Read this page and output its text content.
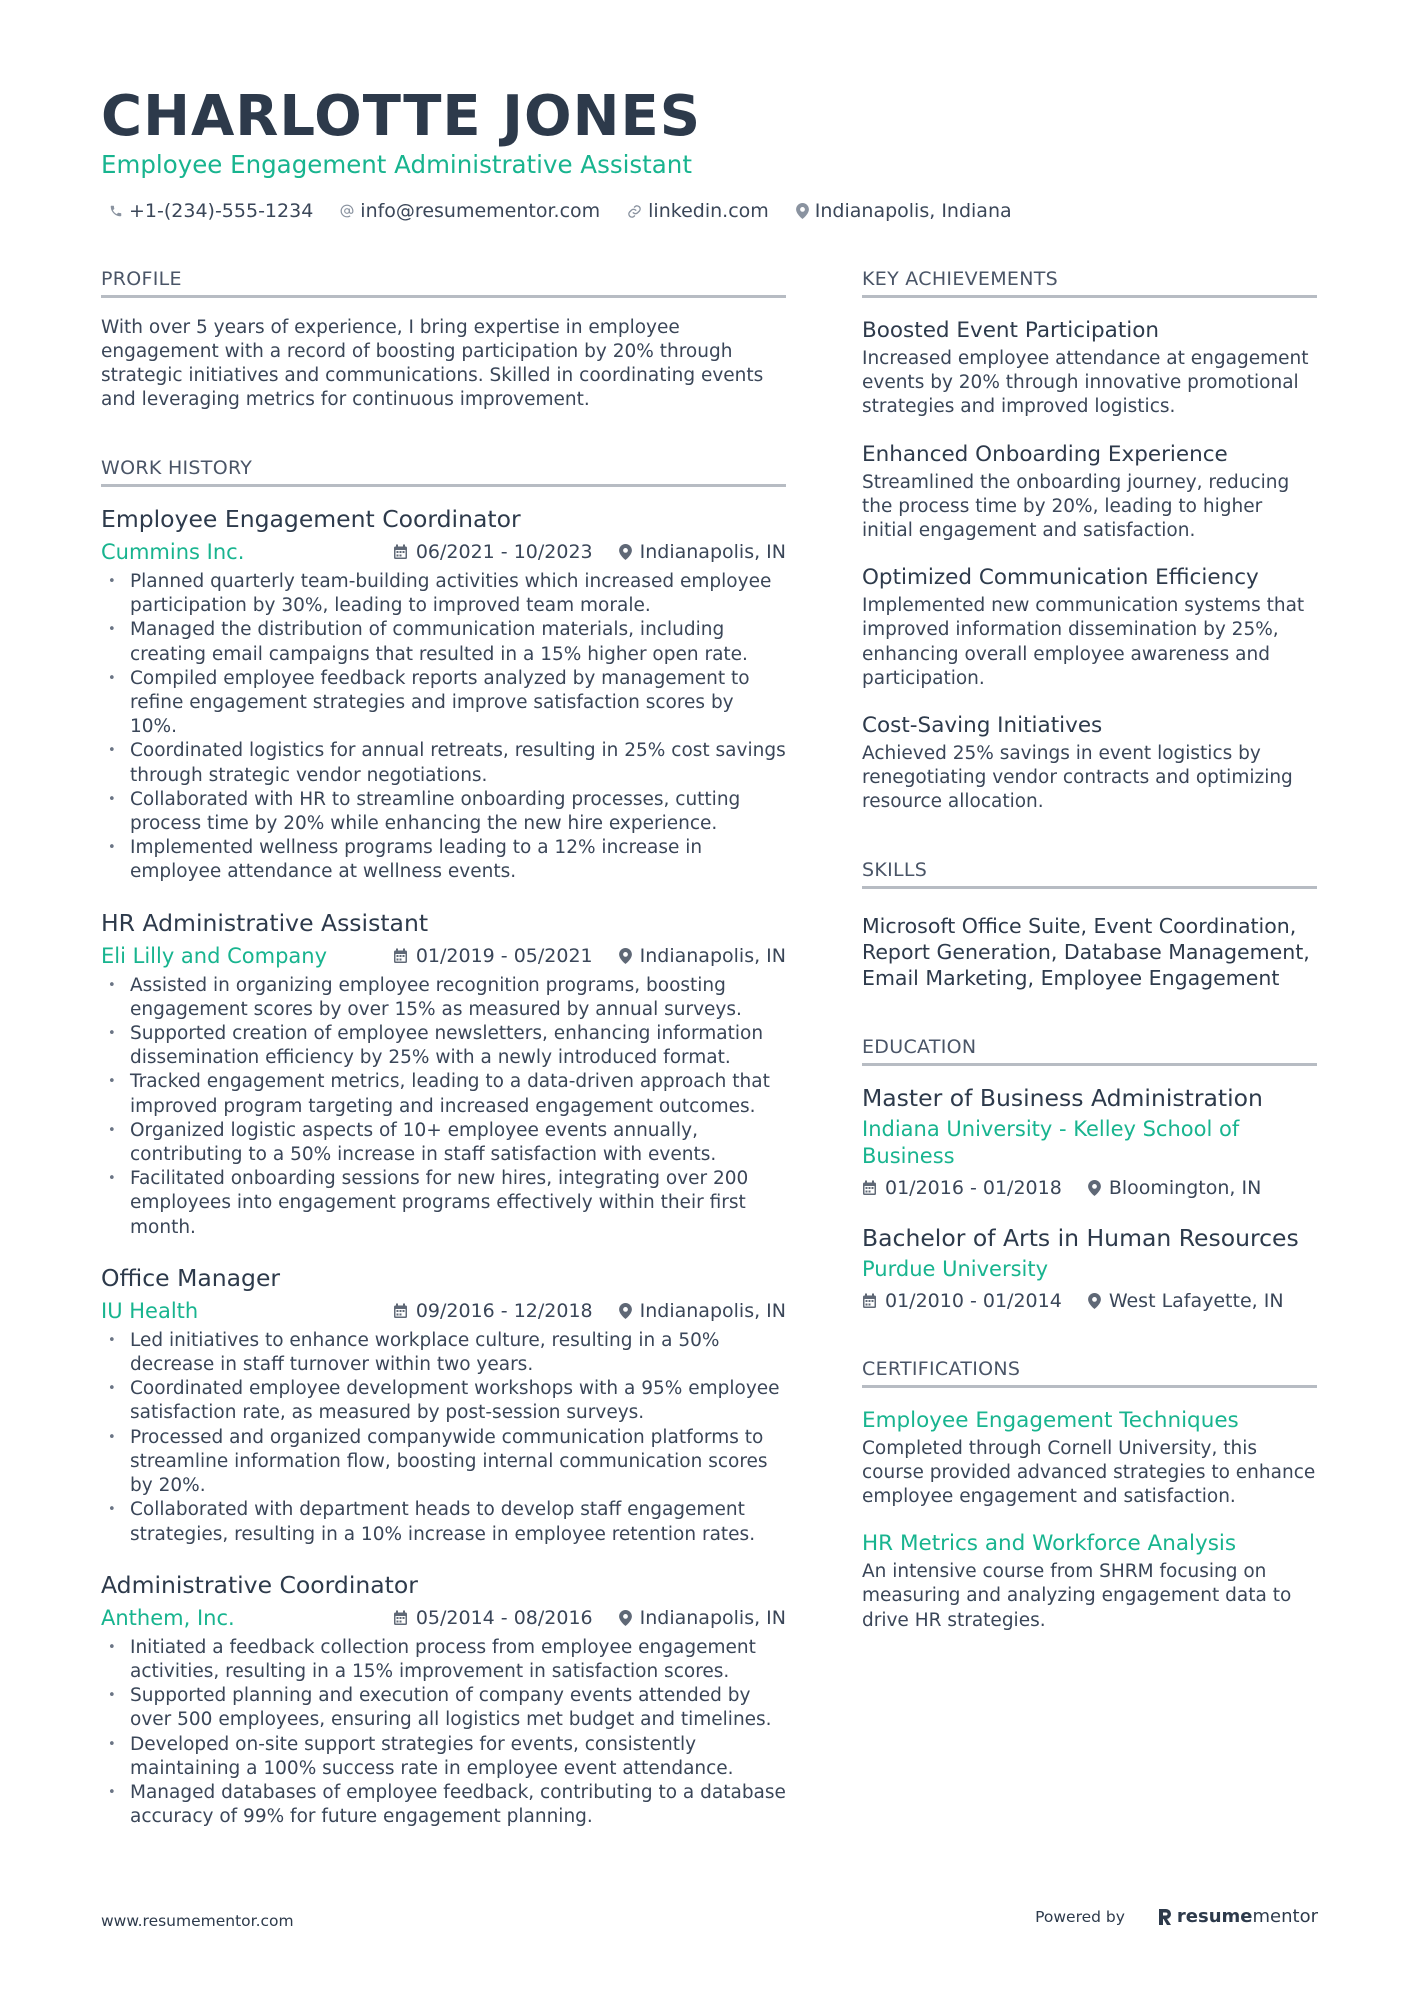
CHARLOTTE JONES
Employee Engagement Administrative Assistant
+1-(234)-555-1234 info@resumementor.com	linkedin.com Indianapolis, Indiana
PROFILE
With over 5 years of experience, I bring expertise in employee engagement with a record of boosting participation by 20% through strategic initiatives and communications. Skilled in coordinating events and leveraging metrics for continuous improvement.
WORK HISTORY
Employee Engagement Coordinator
Cummins Inc.	06/2021 - 10/2023 Indianapolis, IN
• Planned quarterly team-building activities which increased employee participation by 30%, leading to improved team morale.
• Managed the distribution of communication materials, including creating email campaigns that resulted in a 15% higher open rate.
• Compiled employee feedback reports analyzed by management to refine engagement strategies and improve satisfaction scores by 10%.
• Coordinated logistics for annual retreats, resulting in 25% cost savings through strategic vendor negotiations.
• Collaborated with HR to streamline onboarding processes, cutting process time by 20% while enhancing the new hire experience.
• Implemented wellness programs leading to a 12% increase in employee attendance at wellness events.
HR Administrative Assistant
Eli Lilly and Company	01/2019 - 05/2021 Indianapolis, IN
• Assisted in organizing employee recognition programs, boosting engagement scores by over 15% as measured by annual surveys.
• Supported creation of employee newsletters, enhancing information dissemination efficiency by 25% with a newly introduced format.
• Tracked engagement metrics, leading to a data-driven approach that improved program targeting and increased engagement outcomes.
• Organized logistic aspects of 10+ employee events annually, contributing to a 50% increase in staff satisfaction with events.
• Facilitated onboarding sessions for new hires, integrating over 200 employees into engagement programs effectively within their first month.
Office Manager
IU Health	09/2016 - 12/2018 Indianapolis, IN
• Led initiatives to enhance workplace culture, resulting in a 50% decrease in staff turnover within two years.
• Coordinated employee development workshops with a 95% employee satisfaction rate, as measured by post-session surveys.
• Processed and organized companywide communication platforms to streamline information flow, boosting internal communication scores by 20%.
• Collaborated with department heads to develop staff engagement strategies, resulting in a 10% increase in employee retention rates.
Administrative Coordinator
Anthem, Inc.	05/2014 - 08/2016 Indianapolis, IN
• Initiated a feedback collection process from employee engagement activities, resulting in a 15% improvement in satisfaction scores.
• Supported planning and execution of company events attended by over 500 employees, ensuring all logistics met budget and timelines.
• Developed on-site support strategies for events, consistently maintaining a 100% success rate in employee event attendance.
• Managed databases of employee feedback, contributing to a database accuracy of 99% for future engagement planning.
KEY ACHIEVEMENTS
Boosted Event Participation
Increased employee attendance at engagement events by 20% through innovative promotional strategies and improved logistics.
Enhanced Onboarding Experience
Streamlined the onboarding journey, reducing the process time by 20%, leading to higher initial engagement and satisfaction.
Optimized Communication Efficiency
Implemented new communication systems that improved information dissemination by 25%, enhancing overall employee awareness and participation.
Cost-Saving Initiatives
Achieved 25% savings in event logistics by renegotiating vendor contracts and optimizing resource allocation.
SKILLS
Microsoft Office Suite, Event Coordination, Report Generation, Database Management, Email Marketing, Employee Engagement
EDUCATION
Master of Business Administration
Indiana University - Kelley School of Business
01/2016 - 01/2018 Bloomington, IN
Bachelor of Arts in Human Resources
Purdue University
01/2010 - 01/2014 West Lafayette, IN
CERTIFICATIONS
Employee Engagement Techniques
Completed through Cornell University, this course provided advanced strategies to enhance employee engagement and satisfaction.
HR Metrics and Workforce Analysis
An intensive course from SHRM focusing on measuring and analyzing engagement data to drive HR strategies.
www.resumementor.com	Powered by	resume mentor
